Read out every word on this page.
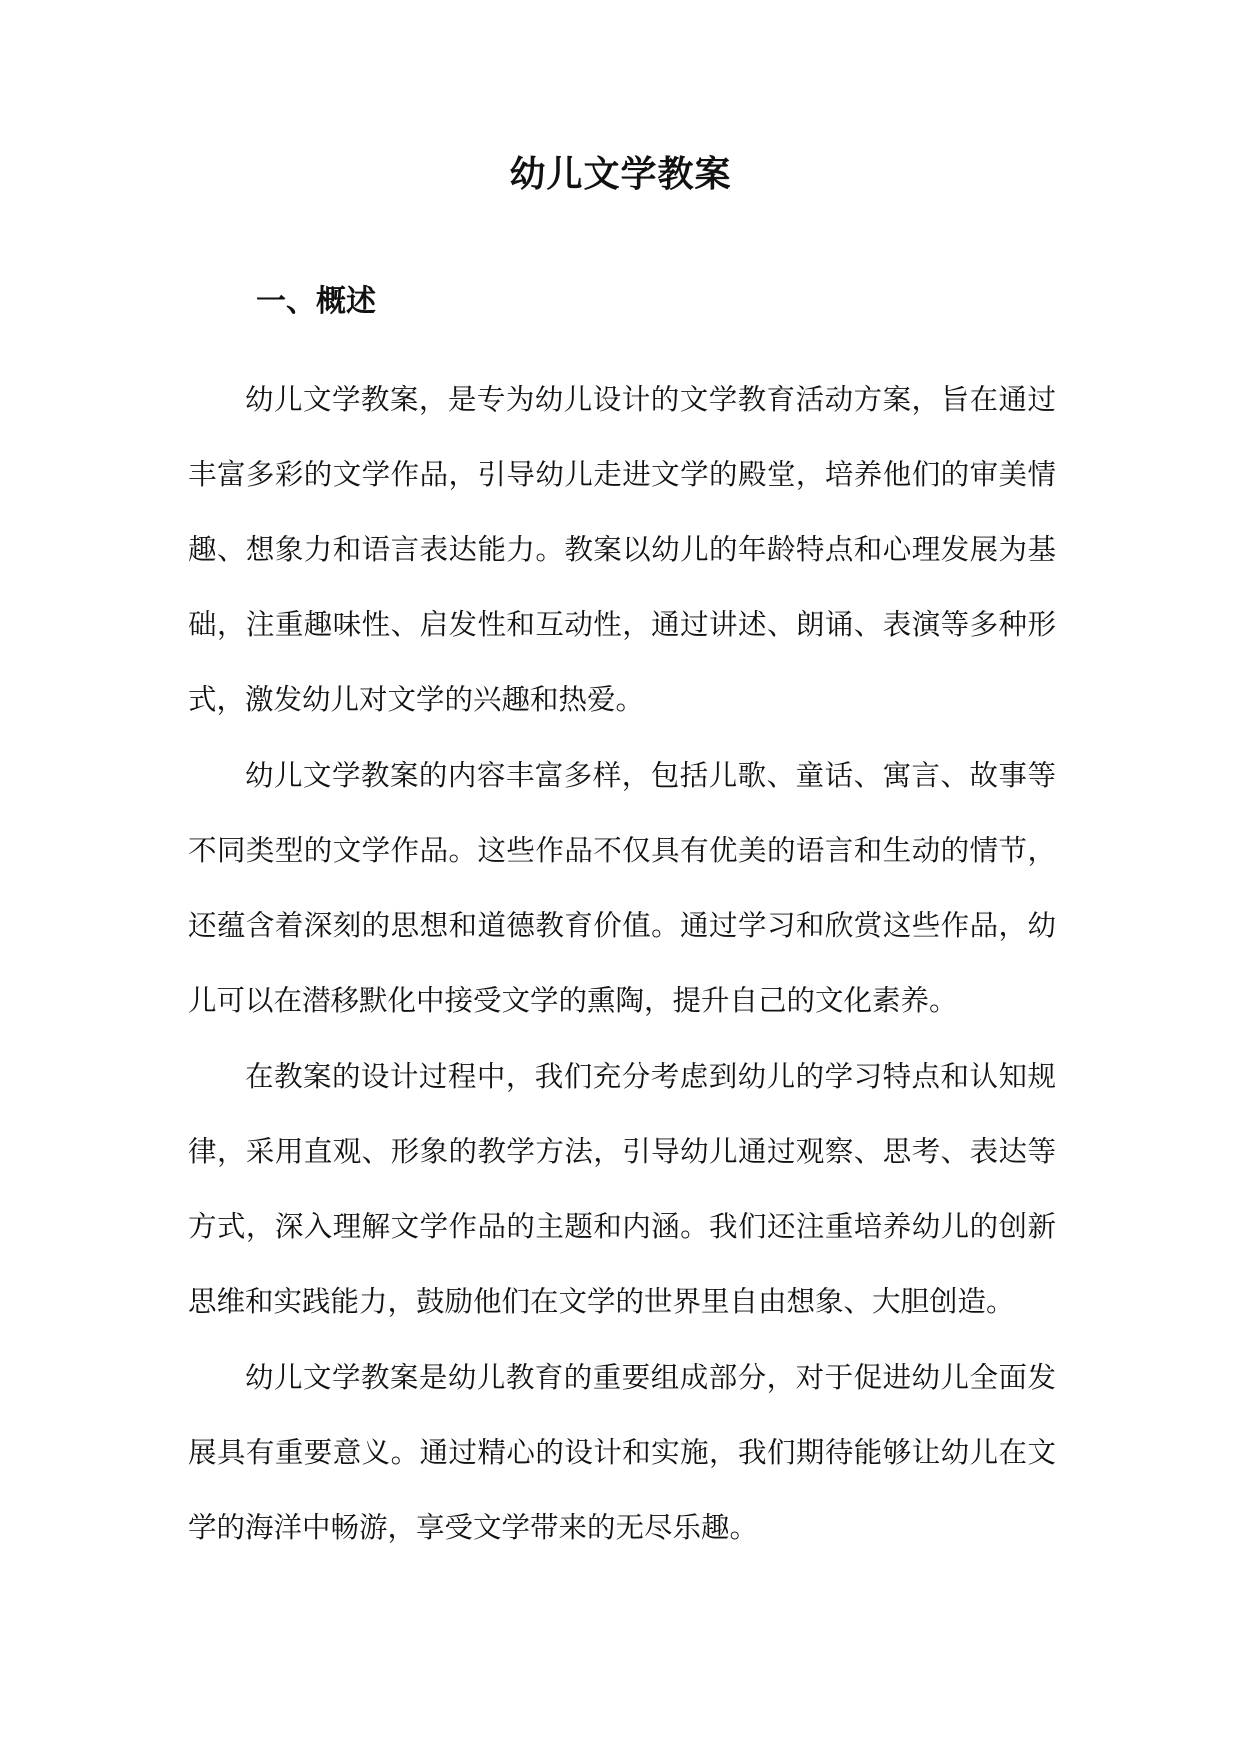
幼儿文学教案
一、概述

幼儿文学教案，是专为幼儿设计的文学教育活动方案，旨在通过丰富多彩的文学作品，引导幼儿走进文学的殿堂，培养他们的审美情趣、想象力和语言表达能力。教案以幼儿的年龄特点和心理发展为基础，注重趣味性、启发性和互动性，通过讲述、朗诵、表演等多种形式，激发幼儿对文学的兴趣和热爱。

幼儿文学教案的内容丰富多样，包括儿歌、童话、寓言、故事等不同类型的文学作品。这些作品不仅具有优美的语言和生动的情节，还蕴含着深刻的思想和道德教育价值。通过学习和欣赏这些作品，幼儿可以在潜移默化中接受文学的熏陶，提升自己的文化素养。

在教案的设计过程中，我们充分考虑到幼儿的学习特点和认知规律，采用直观、形象的教学方法，引导幼儿通过观察、思考、表达等方式，深入理解文学作品的主题和内涵。我们还注重培养幼儿的创新思维和实践能力，鼓励他们在文学的世界里自由想象、大胆创造。

幼儿文学教案是幼儿教育的重要组成部分，对于促进幼儿全面发展具有重要意义。通过精心的设计和实施，我们期待能够让幼儿在文学的海洋中畅游，享受文学带来的无尽乐趣。
